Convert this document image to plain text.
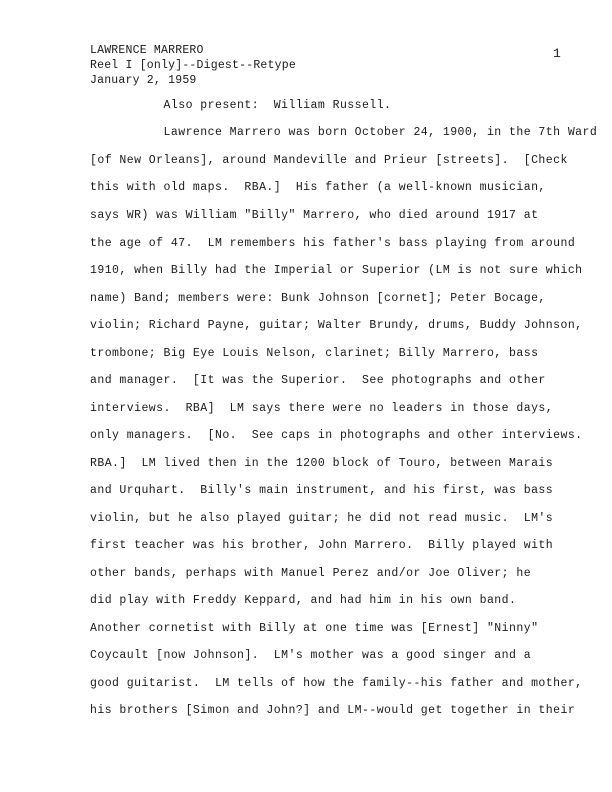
LAWRENCE MARRERO
Reel I [only]--Digest--Retype
January 2, 1959
1
Also present:  William Russell.
Lawrence Marrero was born October 24, 1900, in the 7th Ward
[of New Orleans], around Mandeville and Prieur [streets].  [Check
this with old maps.  RBA.]  His father (a well-known musician,
says WR) was William "Billy" Marrero, who died around 1917 at
the age of 47.  LM remembers his father's bass playing from around
1910, when Billy had the Imperial or Superior (LM is not sure which
name) Band; members were: Bunk Johnson [cornet]; Peter Bocage,
violin; Richard Payne, guitar; Walter Brundy, drums, Buddy Johnson,
trombone; Big Eye Louis Nelson, clarinet; Billy Marrero, bass
and manager.  [It was the Superior.  See photographs and other
interviews.  RBA]  LM says there were no leaders in those days,
only managers.  [No.  See caps in photographs and other interviews.
RBA.]  LM lived then in the 1200 block of Touro, between Marais
and Urquhart.  Billy's main instrument, and his first, was bass
violin, but he also played guitar; he did not read music.  LM's
first teacher was his brother, John Marrero.  Billy played with
other bands, perhaps with Manuel Perez and/or Joe Oliver; he
did play with Freddy Keppard, and had him in his own band.
Another cornetist with Billy at one time was [Ernest] "Ninny"
Coycault [now Johnson].  LM's mother was a good singer and a
good guitarist.  LM tells of how the family--his father and mother,
his brothers [Simon and John?] and LM--would get together in their
